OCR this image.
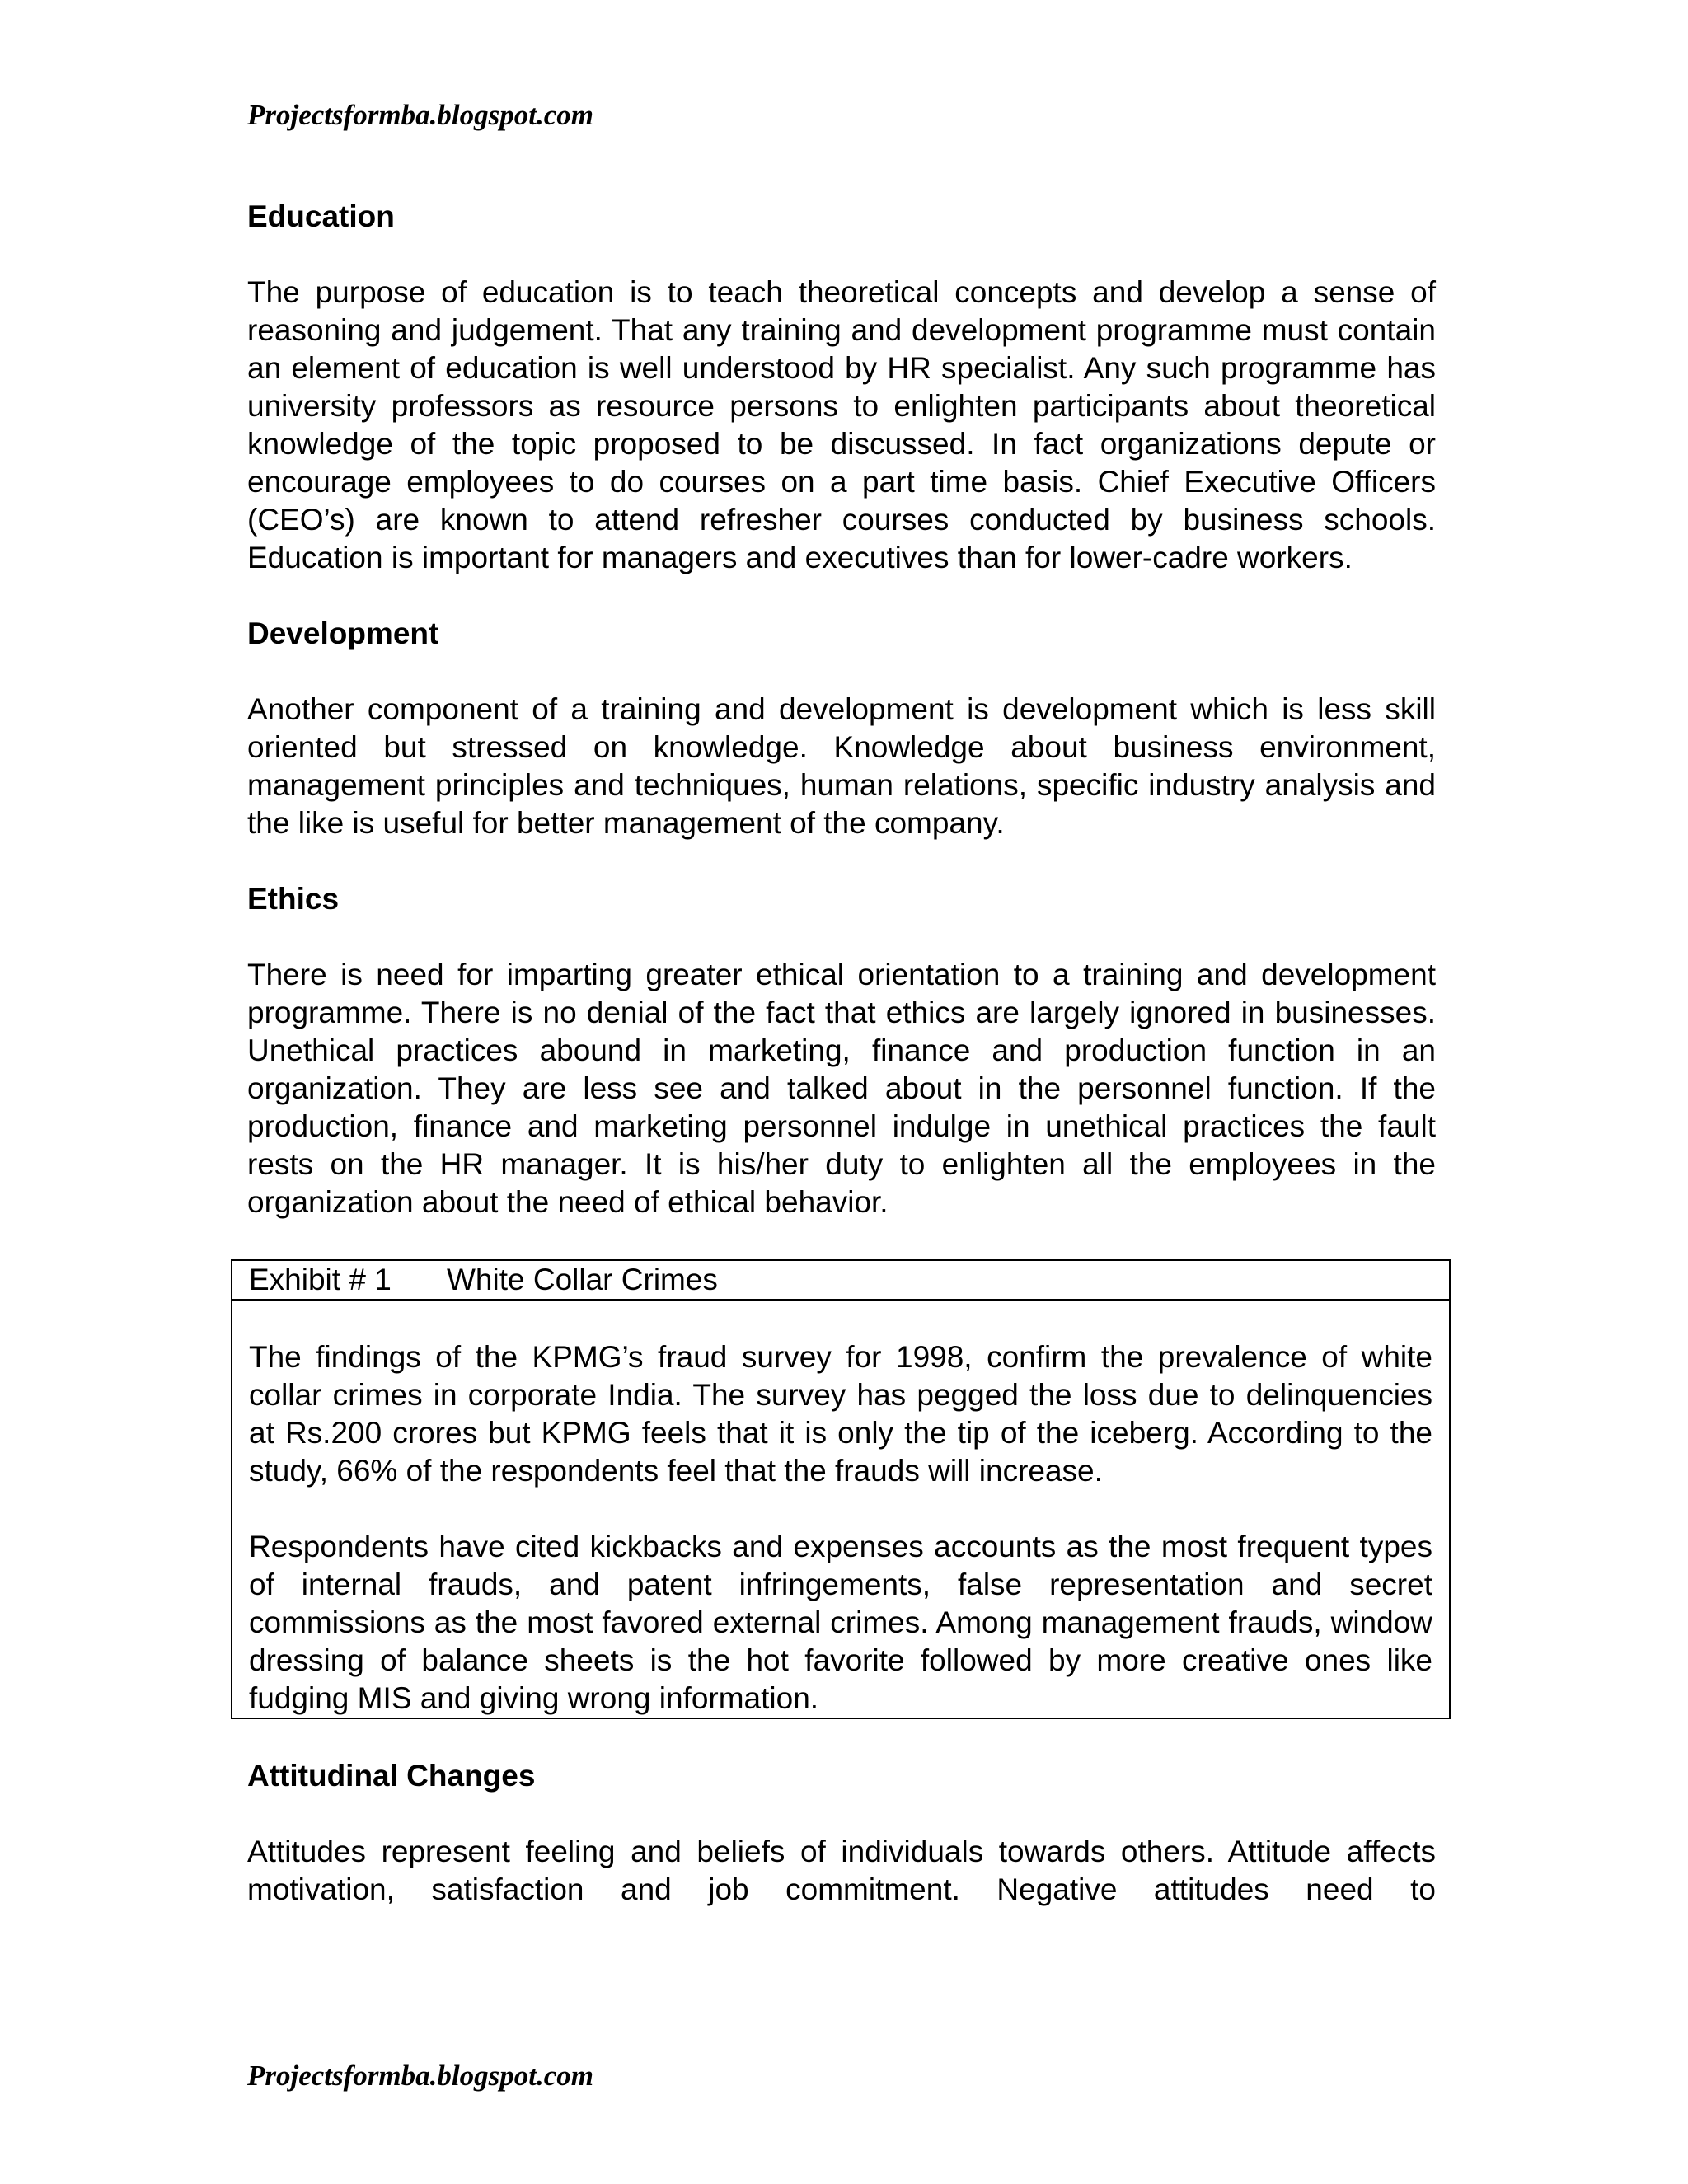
Projectsformba.blogspot.com
Education

The purpose of education is to teach theoretical concepts and develop a sense of reasoning and judgement. That any training and development programme must contain an element of education is well understood by HR specialist. Any such programme has university professors as resource persons to enlighten participants about theoretical knowledge of the topic proposed to be discussed. In fact organizations depute or encourage employees to do courses on a part time basis. Chief Executive Officers (CEO’s) are known to attend refresher courses conducted by business schools. Education is important for managers and executives than for lower-cadre workers.

Development

Another component of a training and development is development which is less skill oriented but stressed on knowledge. Knowledge about business environment, management principles and techniques, human relations, specific industry analysis and the like is useful for better management of the company.

Ethics

There is need for imparting greater ethical orientation to a training and development programme. There is no denial of the fact that ethics are largely ignored in businesses. Unethical practices abound in marketing, finance and production function in an organization. They are less see and talked about in the personnel function. If the production, finance and marketing personnel indulge in unethical practices the fault rests on the HR manager. It is his/her duty to enlighten all the employees in the organization about the need of ethical behavior.

Exhibit # 1 White Collar Crimes

The findings of the KPMG’s fraud survey for 1998, confirm the prevalence of white collar crimes in corporate India. The survey has pegged the loss due to delinquencies at Rs.200 crores but KPMG feels that it is only the tip of the iceberg. According to the study, 66% of the respondents feel that the frauds will increase.

Respondents have cited kickbacks and expenses accounts as the most frequent types of internal frauds, and patent infringements, false representation and secret commissions as the most favored external crimes. Among management frauds, window dressing of balance sheets is the hot favorite followed by more creative ones like fudging MIS and giving wrong information.

Attitudinal Changes

Attitudes represent feeling and beliefs of individuals towards others. Attitude affects motivation, satisfaction and job commitment. Negative attitudes need to

Projectsformba.blogspot.com
